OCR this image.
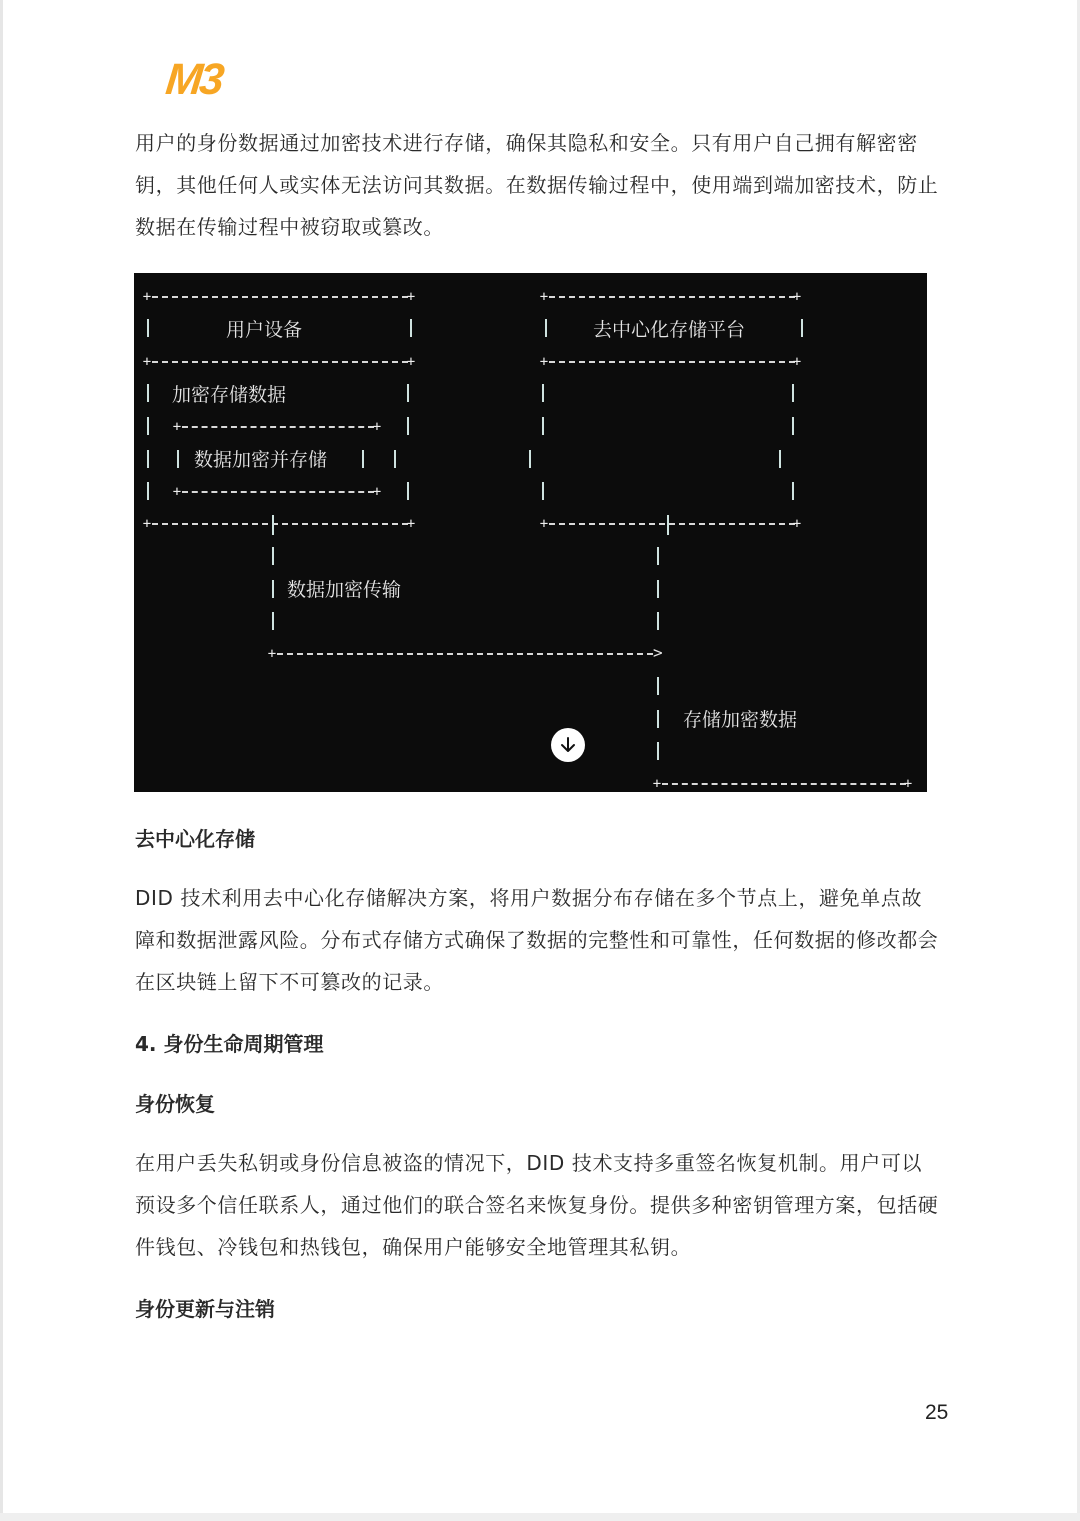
M3

用户的身份数据通过加密技术进行存储，确保其隐私和安全。只有用户自己拥有解密密钥，其他任何人或实体无法访问其数据。在数据传输过程中，使用端到端加密技术，防止数据在传输过程中被窃取或篡改。

+	+
用户设备
+	+
加密存储数据
+	+
数据加密并存储
+	+
+	+
+	+
去中心化存储平台
+	+
+	+
数据加密传输
+	>
存储加密数据
+	+
去中心化存储

DID 技术利用去中心化存储解决方案，将用户数据分布存储在多个节点上，避免单点故障和数据泄露风险。分布式存储方式确保了数据的完整性和可靠性，任何数据的修改都会在区块链上留下不可篡改的记录。

4. 身份生命周期管理
身份恢复

在用户丢失私钥或身份信息被盗的情况下，DID 技术支持多重签名恢复机制。用户可以预设多个信任联系人，通过他们的联合签名来恢复身份。提供多种密钥管理方案，包括硬件钱包、冷钱包和热钱包，确保用户能够安全地管理其私钥。

身份更新与注销
25
